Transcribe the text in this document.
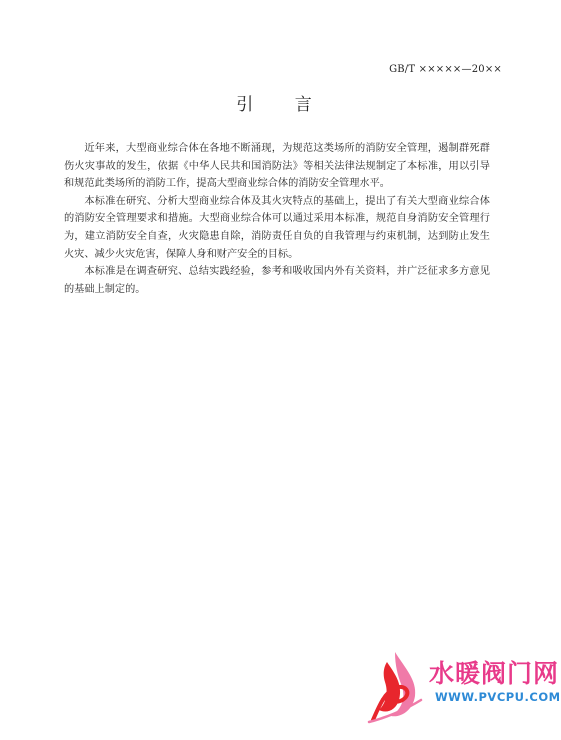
GB/T ×××××—20××
引 言

近年来，大型商业综合体在各地不断涌现，为规范这类场所的消防安全管理，遏制群死群伤火灾事故的发生，依据《中华人民共和国消防法》等相关法律法规制定了本标准，用以引导和规范此类场所的消防工作，提高大型商业综合体的消防安全管理水平。

本标准在研究、分析大型商业综合体及其火灾特点的基础上，提出了有关大型商业综合体的消防安全管理要求和措施。大型商业综合体可以通过采用本标准，规范自身消防安全管理行为，建立消防安全自查，火灾隐患自除，消防责任自负的自我管理与约束机制，达到防止发生火灾、减少火灾危害，保障人身和财产安全的目标。

本标准是在调查研究、总结实践经验，参考和吸收国内外有关资料，并广泛征求多方意见的基础上制定的。

水暖阀门网
WWW.PVCPU.COM
